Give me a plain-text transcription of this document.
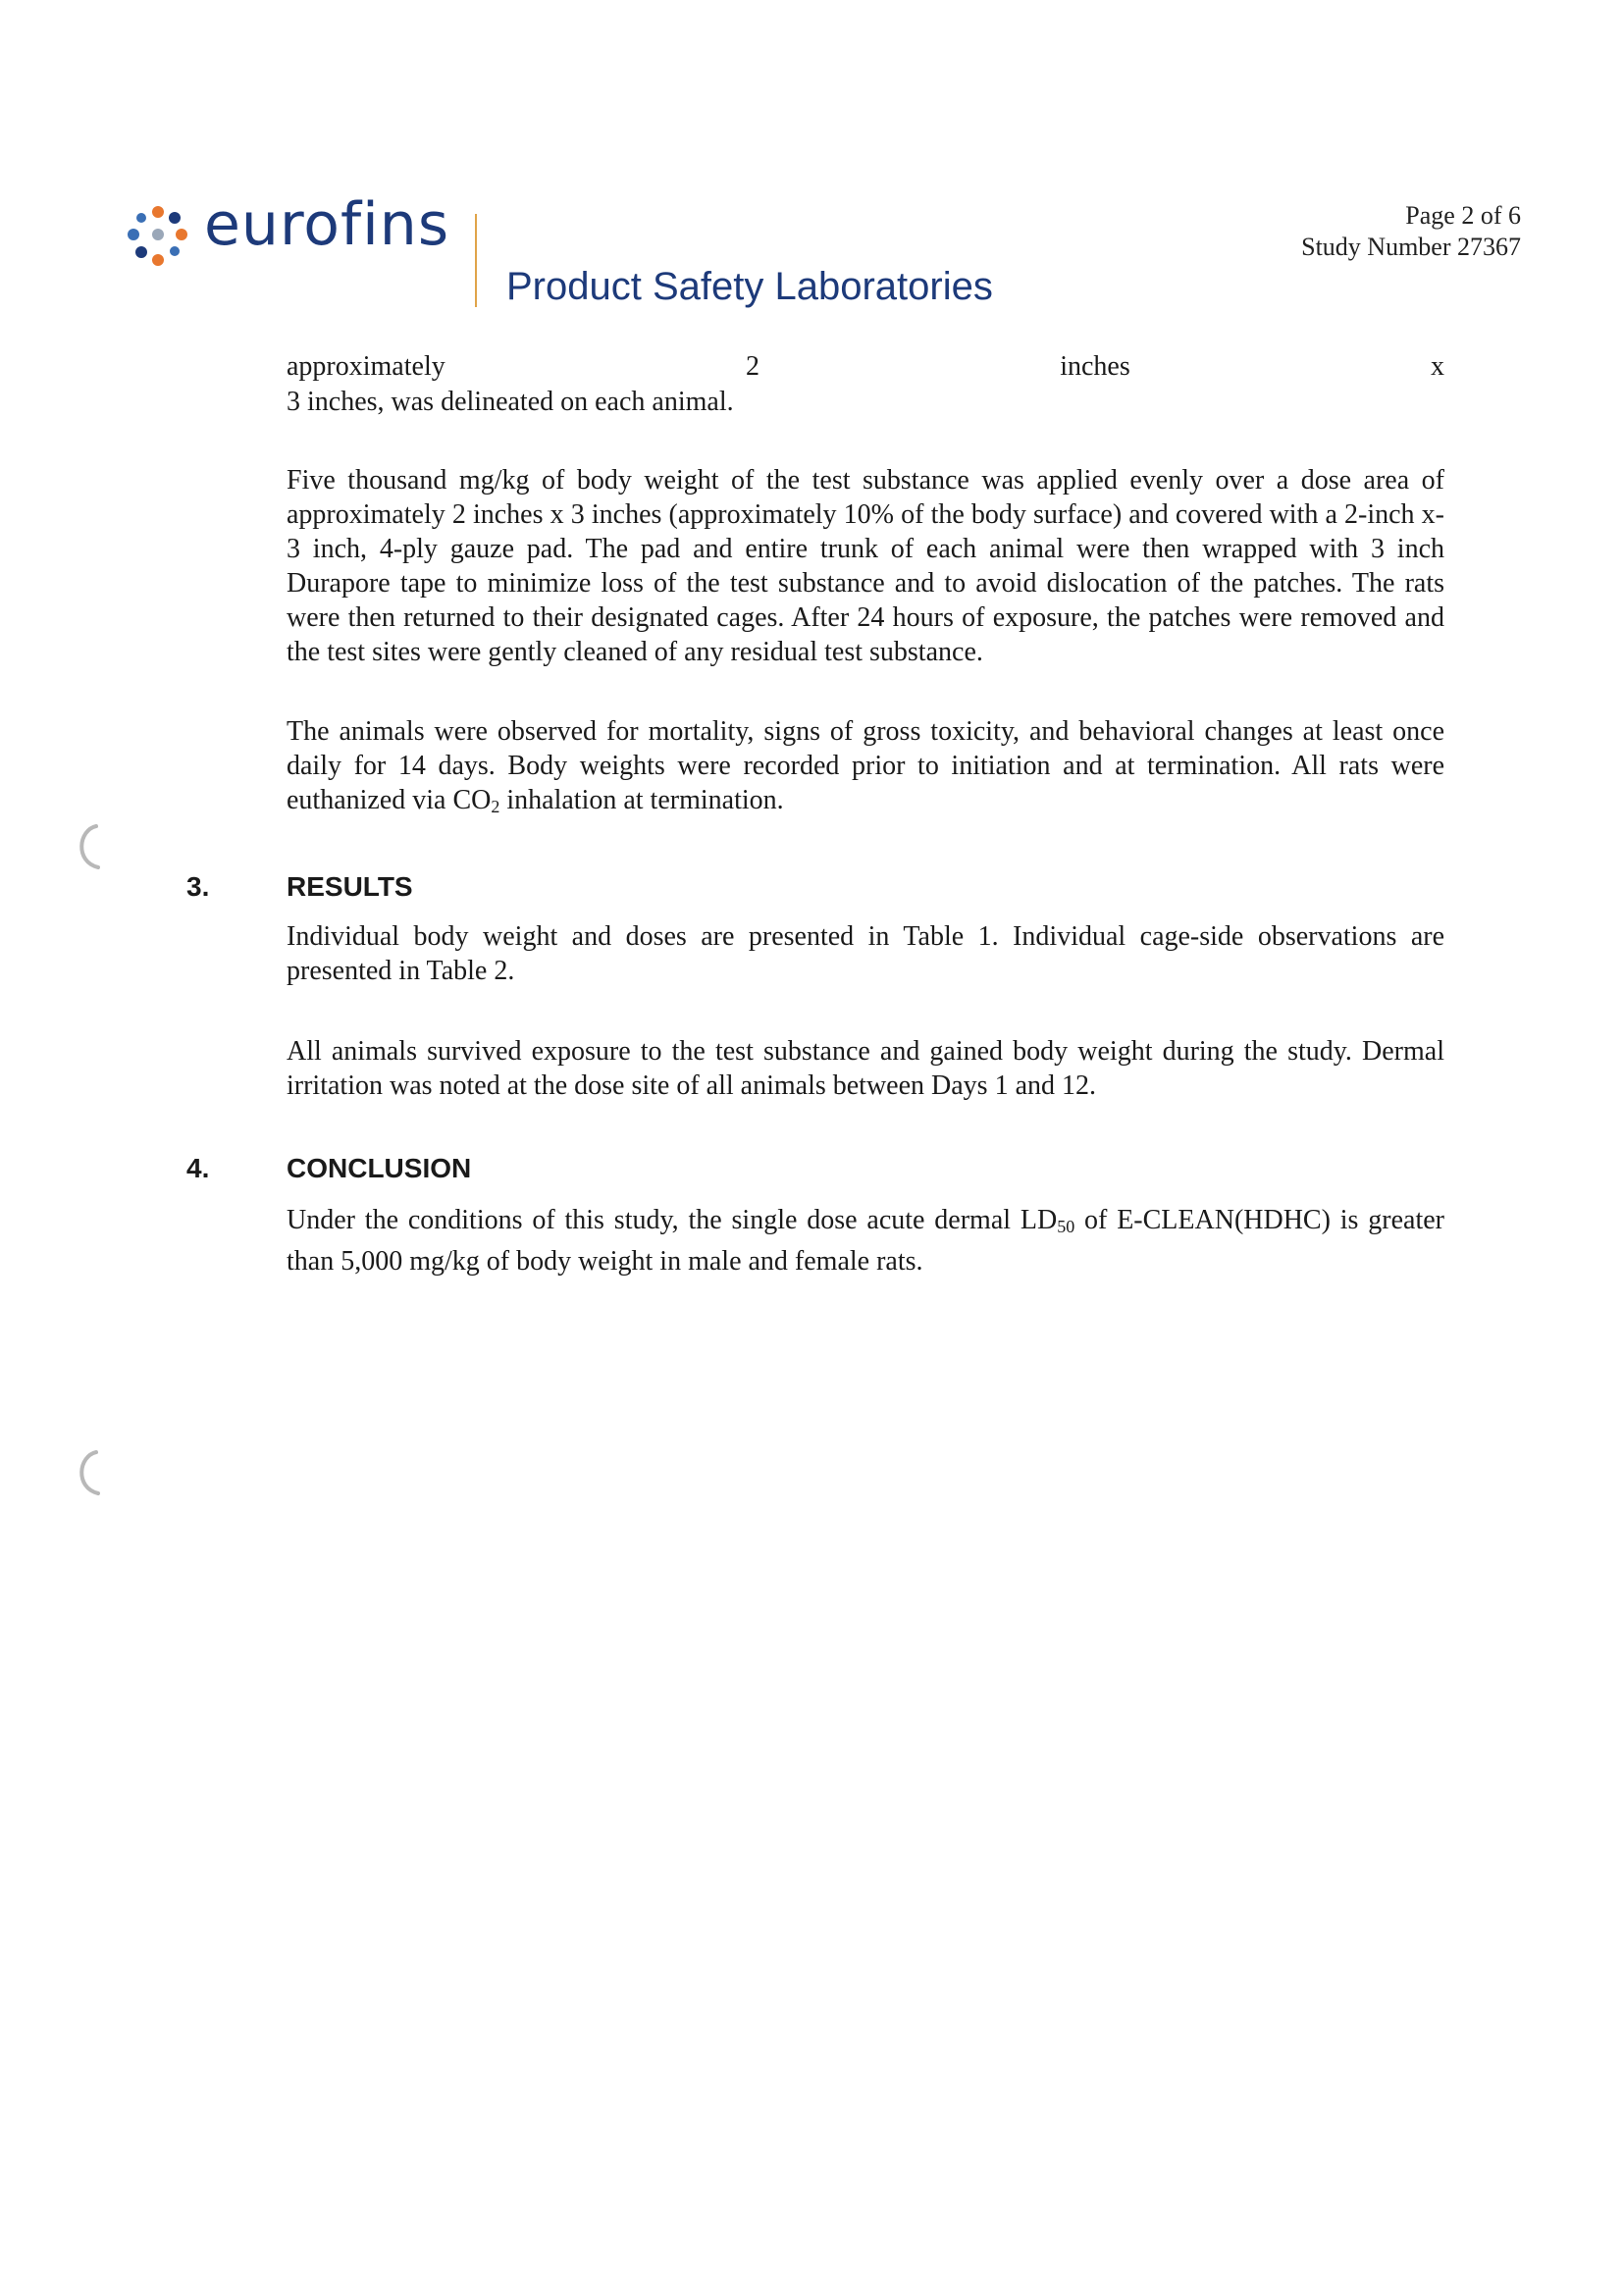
eurofins
Product Safety Laboratories
Page 2 of 6
Study Number 27367
approximately 2 inches x
3 inches, was delineated on each animal.
Five thousand mg/kg of body weight of the test substance was applied evenly over a dose area of approximately 2 inches x 3 inches (approximately 10% of the body surface) and covered with a 2-inch x-3 inch, 4-ply gauze pad. The pad and entire trunk of each animal were then wrapped with 3 inch Durapore tape to minimize loss of the test substance and to avoid dislocation of the patches. The rats were then returned to their designated cages. After 24 hours of exposure, the patches were removed and the test sites were gently cleaned of any residual test substance.
The animals were observed for mortality, signs of gross toxicity, and behavioral changes at least once daily for 14 days. Body weights were recorded prior to initiation and at termination. All rats were euthanized via $CO_2$ inhalation at termination.
3.	RESULTS
Individual body weight and doses are presented in Table 1. Individual cage-side observations are presented in Table 2.
All animals survived exposure to the test substance and gained body weight during the study. Dermal irritation was noted at the dose site of all animals between Days 1 and 12.
4.	CONCLUSION
Under the conditions of this study, the single dose acute dermal $LD_{50}$ of E-CLEAN(HDHC) is greater than 5,000 mg/kg of body weight in male and female rats.
